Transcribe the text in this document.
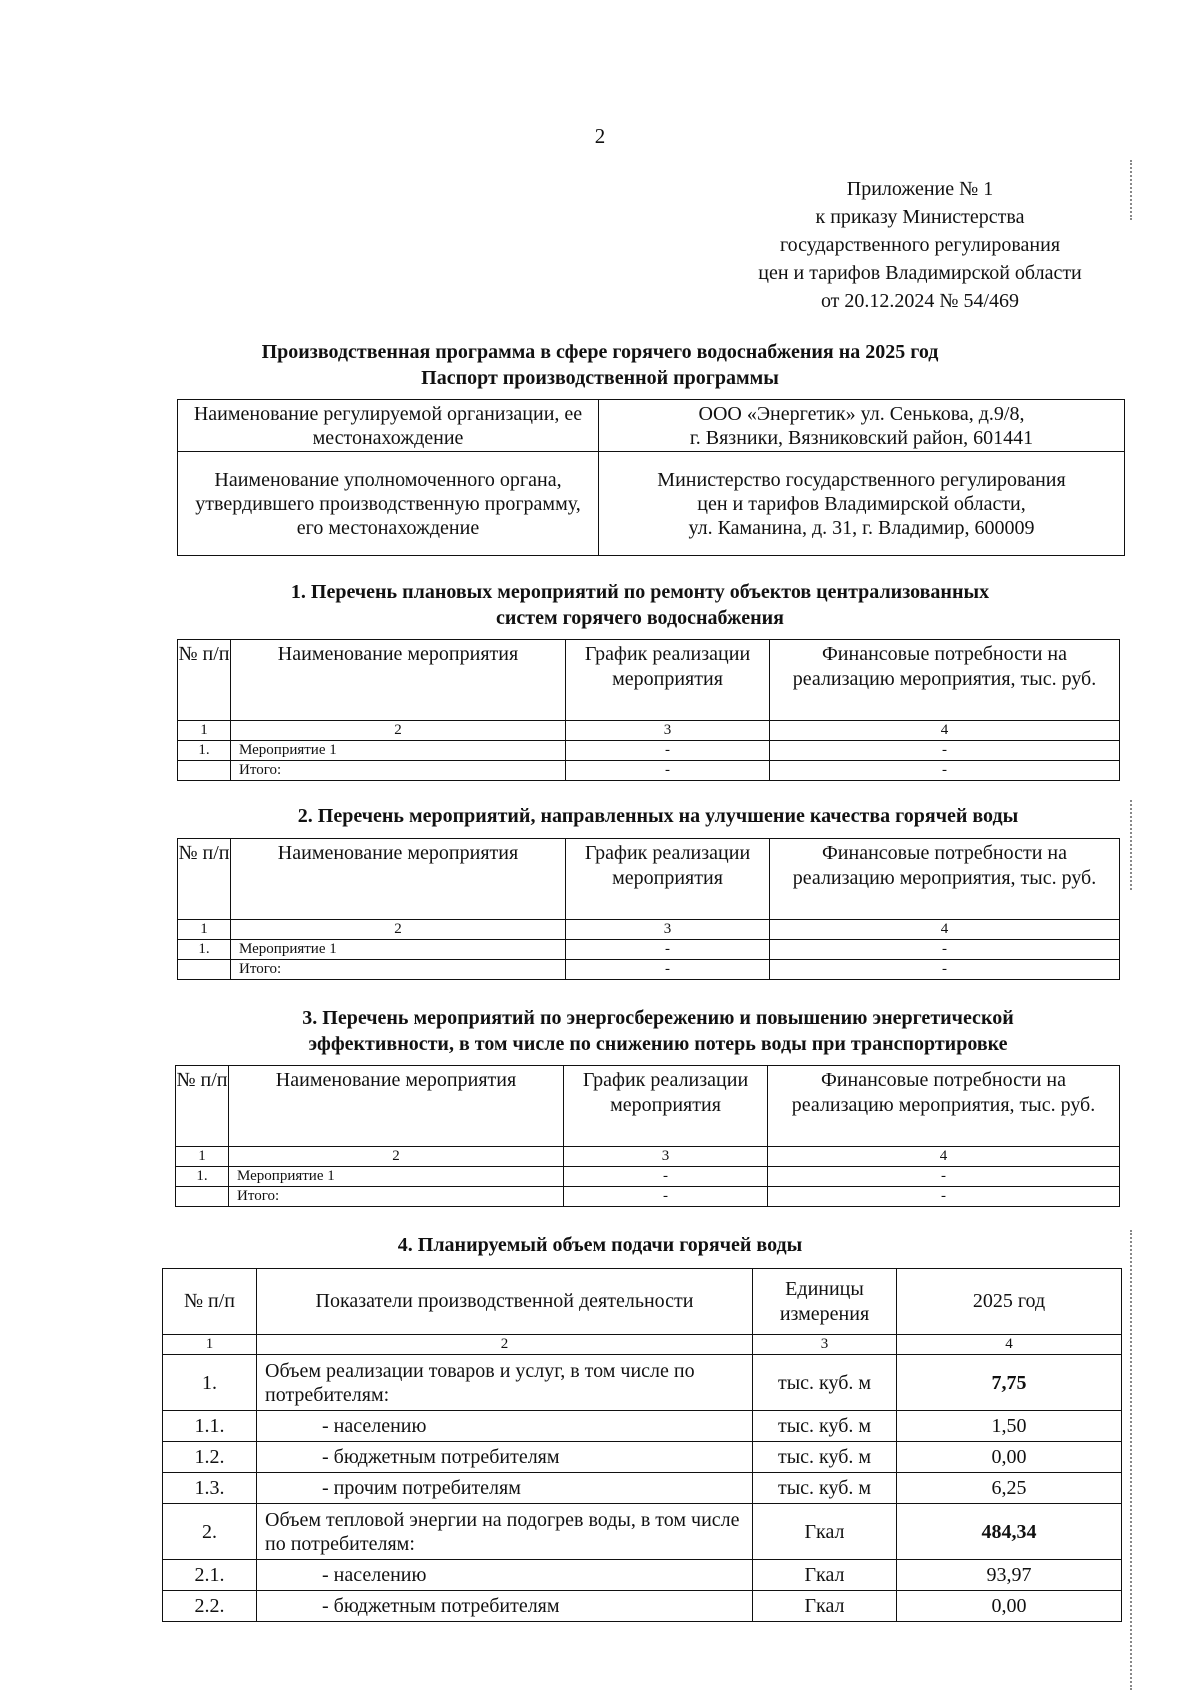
2
Приложение № 1
к приказу Министерства
государственного регулирования
цен и тарифов Владимирской области
от 20.12.2024 № 54/469
Производственная программа в сфере горячего водоснабжения на 2025 год
Паспорт производственной программы
Наименование регулируемой организации, ее местонахождение	ООО «Энергетик» ул. Сенькова, д.9/8,
г. Вязники, Вязниковский район, 601441

Наименование уполномоченного органа, утвердившего производственную программу, его местонахождение	Министерство государственного регулирования
цен и тарифов Владимирской области,
ул. Каманина, д. 31, г. Владимир, 600009
1. Перечень плановых мероприятий по ремонту объектов централизованных
систем горячего водоснабжения
№ п/п	Наименование мероприятия	График реализации мероприятия	Финансовые потребности на реализацию мероприятия, тыс. руб.
1	2	3	4
1.	Мероприятие 1	-	-
	Итого:	-	-
2. Перечень мероприятий, направленных на улучшение качества горячей воды
№ п/п	Наименование мероприятия	График реализации мероприятия	Финансовые потребности на реализацию мероприятия, тыс. руб.
1	2	3	4
1.	Мероприятие 1	-	-
	Итого:	-	-
3. Перечень мероприятий по энергосбережению и повышению энергетической
эффективности, в том числе по снижению потерь воды при транспортировке
№ п/п	Наименование мероприятия	График реализации мероприятия	Финансовые потребности на реализацию мероприятия, тыс. руб.
1	2	3	4
1.	Мероприятие 1	-	-
	Итого:	-	-
4. Планируемый объем подачи горячей воды
№ п/п	Показатели производственной деятельности	Единицы измерения	2025 год
1	2	3	4
1.	Объем реализации товаров и услуг, в том числе по потребителям:	тыс. куб. м	7,75
1.1.	- населению	тыс. куб. м	1,50
1.2.	- бюджетным потребителям	тыс. куб. м	0,00
1.3.	- прочим потребителям	тыс. куб. м	6,25
2.	Объем тепловой энергии на подогрев воды, в том числе по потребителям:	Гкал	484,34
2.1.	- населению	Гкал	93,97
2.2.	- бюджетным потребителям	Гкал	0,00
